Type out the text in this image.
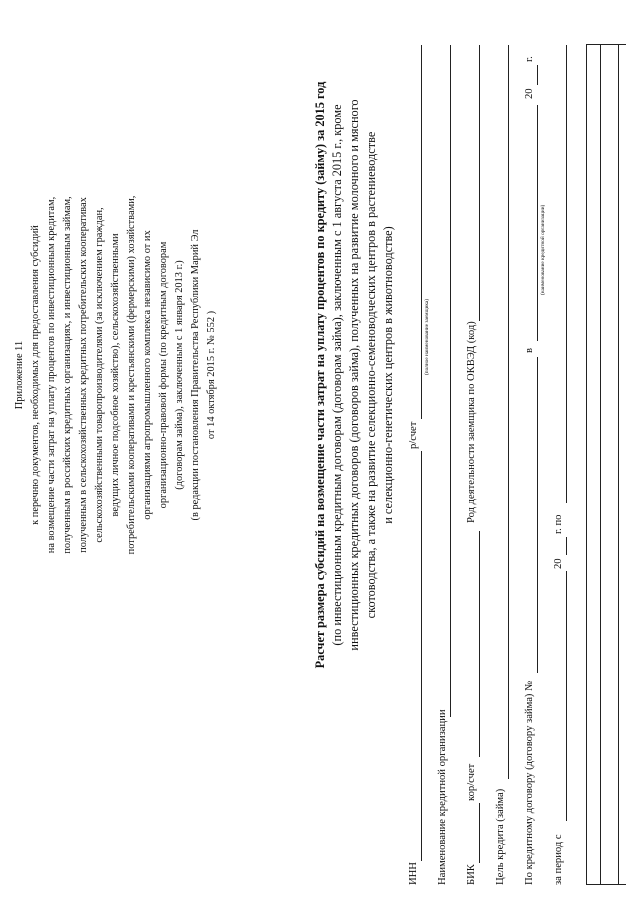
Приложение 11 к перечню документов, необходимых для предоставления субсидий на возмещение части затрат на уплату процентов по инвестиционным кредитам, полученным в российских кредитных организациях, и инвестиционным займам, полученным в сельскохозяйственных кредитных потребительских кооперативах сельскохозяйственными товаропроизводителями (за исключением граждан, ведущих личное подсобное хозяйство), сельскохозяйственными потребительскими кооперативами и крестьянскими (фермерскими) хозяйствами, организациями агропромышленного комплекса независимо от их организационно-правовой формы (по кредитным договорам (договорам займа), заключенным с 1 января 2013 г.) (в редакции постановления Правительства Республики Марий Эл от 14 октября 2015 г. № 552 )	Расчет размера субсидий на возмещение части затрат на уплату процентов по кредиту (займу) за 2015 год (по инвестиционным кредитным договорам (договорам займа), заключенным с 1 августа 2015 г., кроме инвестиционных кредитных договоров (договоров займа), полученных на развитие молочного и мясного скотоводства, а также на развитие селекционно-семеноводческих центров в растениеводстве и селекционно-генетических центров в животноводстве)
ИНН
р/счет
(полное наименование заемщика)
Наименование кредитной организации БИК
кор/счет
Род деятельности заемщика по ОКВЭД (код)
Цель кредита (займа) По кредитному договору (договору займа) №
в
20
г.
(наименование кредитной организации)
за период с
20
г. по
